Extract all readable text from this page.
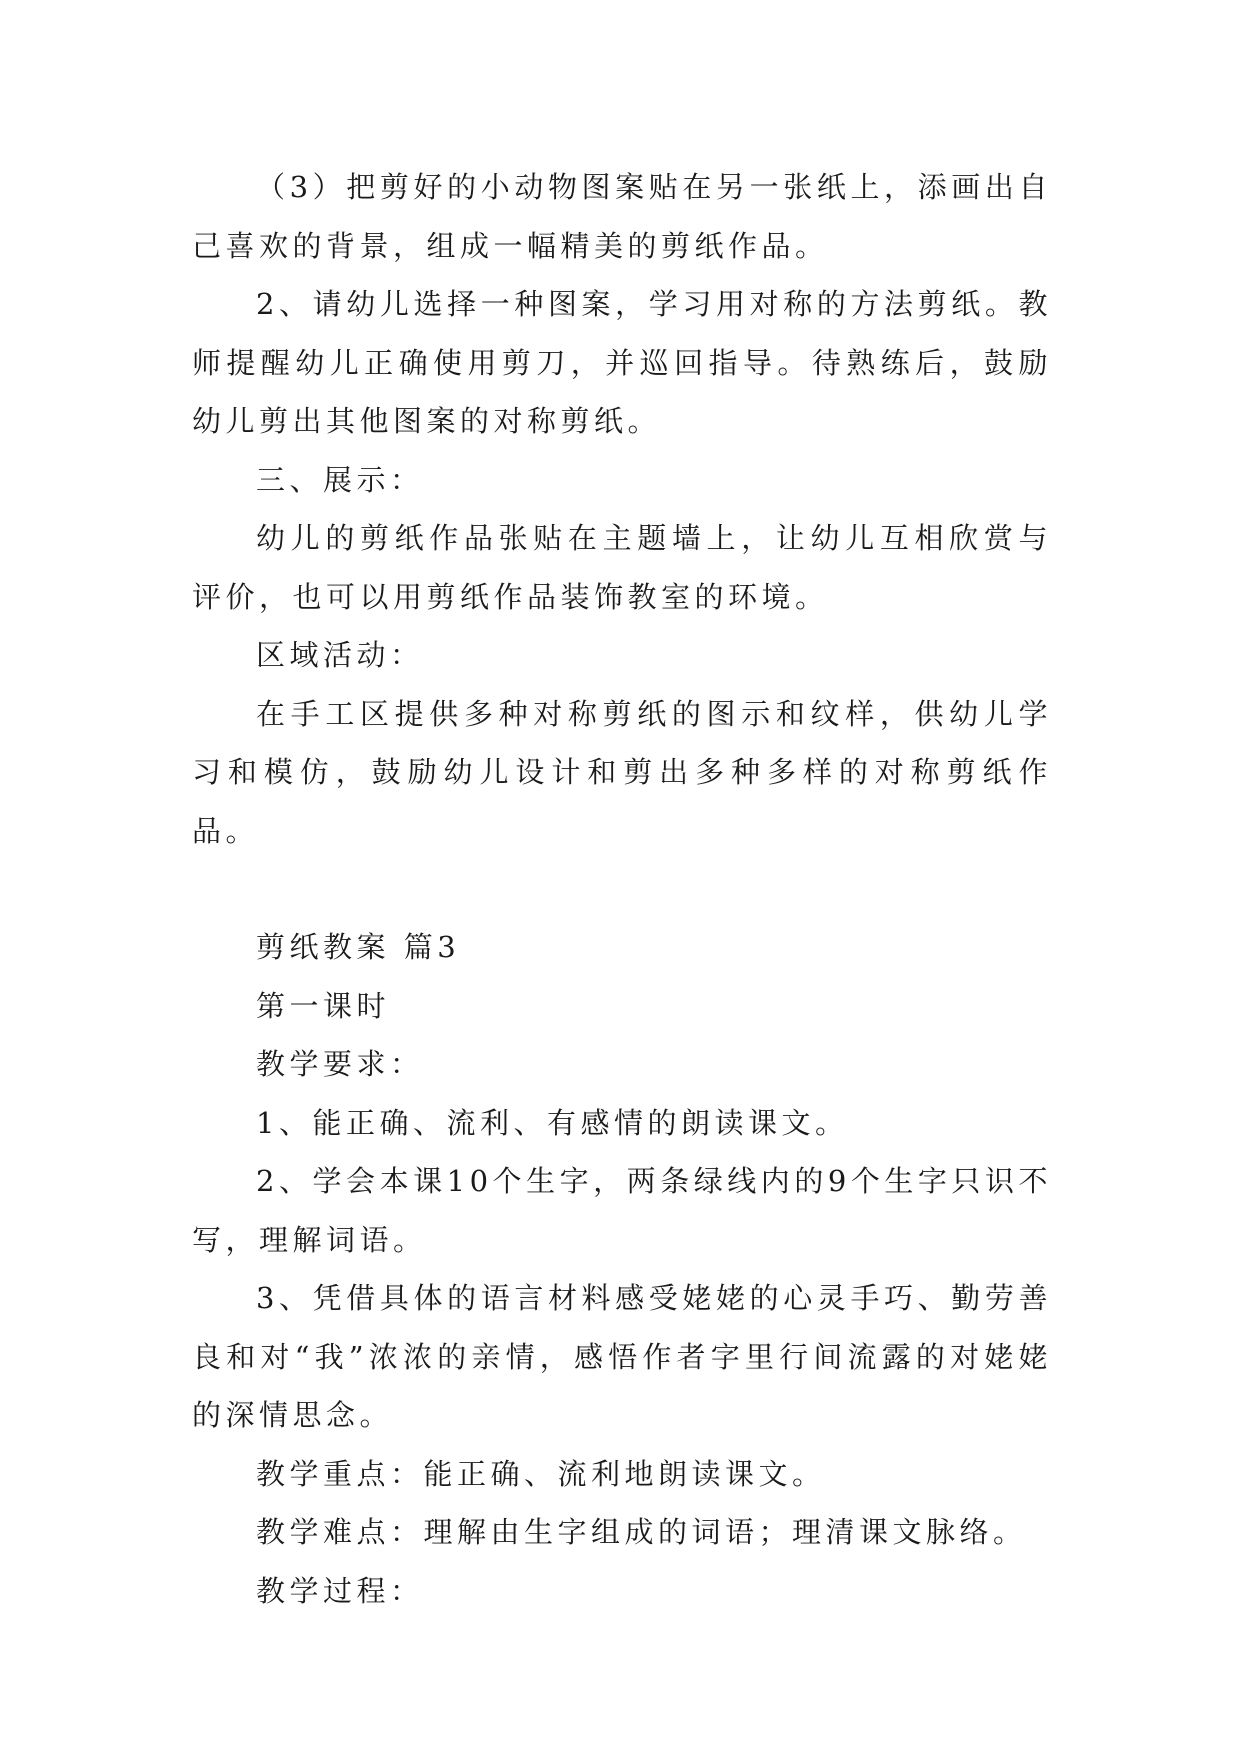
（3）把剪好的小动物图案贴在另一张纸上，添画出自己喜欢的背景，组成一幅精美的剪纸作品。

2、请幼儿选择一种图案，学习用对称的方法剪纸。教师提醒幼儿正确使用剪刀，并巡回指导。待熟练后，鼓励幼儿剪出其他图案的对称剪纸。

三、展示：

幼儿的剪纸作品张贴在主题墙上，让幼儿互相欣赏与评价，也可以用剪纸作品装饰教室的环境。

区域活动：

在手工区提供多种对称剪纸的图示和纹样，供幼儿学习和模仿，鼓励幼儿设计和剪出多种多样的对称剪纸作品。

剪纸教案 篇3

第一课时

教学要求：

1、能正确、流利、有感情的朗读课文。

2、学会本课10个生字，两条绿线内的9个生字只识不写，理解词语。

3、凭借具体的语言材料感受姥姥的心灵手巧、勤劳善良和对“我”浓浓的亲情，感悟作者字里行间流露的对姥姥的深情思念。

教学重点：能正确、流利地朗读课文。

教学难点：理解由生字组成的词语；理清课文脉络。

教学过程：
